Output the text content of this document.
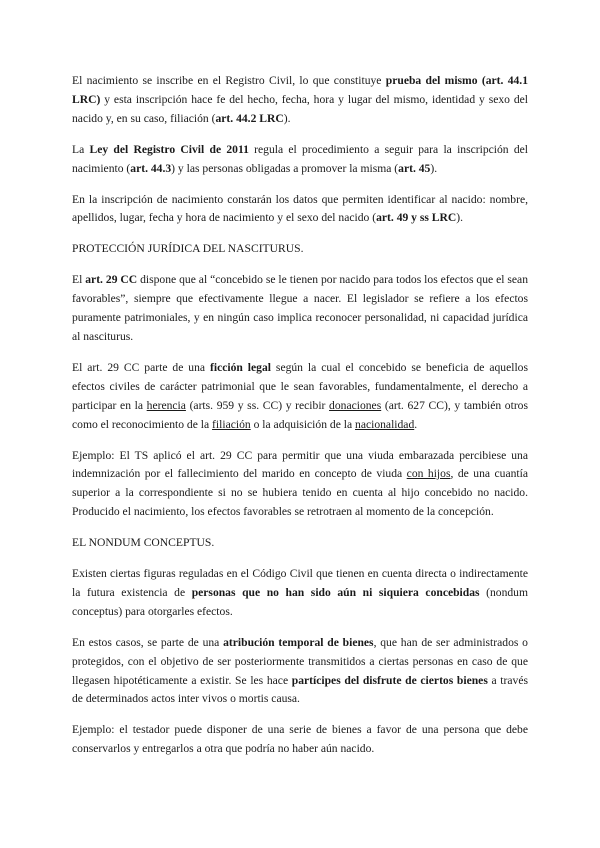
El nacimiento se inscribe en el Registro Civil, lo que constituye prueba del mismo (art. 44.1 LRC) y esta inscripción hace fe del hecho, fecha, hora y lugar del mismo, identidad y sexo del nacido y, en su caso, filiación (art. 44.2 LRC).

La Ley del Registro Civil de 2011 regula el procedimiento a seguir para la inscripción del nacimiento (art. 44.3) y las personas obligadas a promover la misma (art. 45).

En la inscripción de nacimiento constarán los datos que permiten identificar al nacido: nombre, apellidos, lugar, fecha y hora de nacimiento y el sexo del nacido (art. 49 y ss LRC).

PROTECCIÓN JURÍDICA DEL NASCITURUS.

El art. 29 CC dispone que al “concebido se le tienen por nacido para todos los efectos que el sean favorables”, siempre que efectivamente llegue a nacer. El legislador se refiere a los efectos puramente patrimoniales, y en ningún caso implica reconocer personalidad, ni capacidad jurídica al nasciturus.

El art. 29 CC parte de una ficción legal según la cual el concebido se beneficia de aquellos efectos civiles de carácter patrimonial que le sean favorables, fundamentalmente, el derecho a participar en la herencia (arts. 959 y ss. CC) y recibir donaciones (art. 627 CC), y también otros como el reconocimiento de la filiación o la adquisición de la nacionalidad.

Ejemplo: El TS aplicó el art. 29 CC para permitir que una viuda embarazada percibiese una indemnización por el fallecimiento del marido en concepto de viuda con hijos, de una cuantía superior a la correspondiente si no se hubiera tenido en cuenta al hijo concebido no nacido. Producido el nacimiento, los efectos favorables se retrotraen al momento de la concepción.

EL NONDUM CONCEPTUS.

Existen ciertas figuras reguladas en el Código Civil que tienen en cuenta directa o indirectamente la futura existencia de personas que no han sido aún ni siquiera concebidas (nondum conceptus) para otorgarles efectos.

En estos casos, se parte de una atribución temporal de bienes, que han de ser administrados o protegidos, con el objetivo de ser posteriormente transmitidos a ciertas personas en caso de que llegasen hipotéticamente a existir. Se les hace partícipes del disfrute de ciertos bienes a través de determinados actos inter vivos o mortis causa.

Ejemplo: el testador puede disponer de una serie de bienes a favor de una persona que debe conservarlos y entregarlos a otra que podría no haber aún nacido.
